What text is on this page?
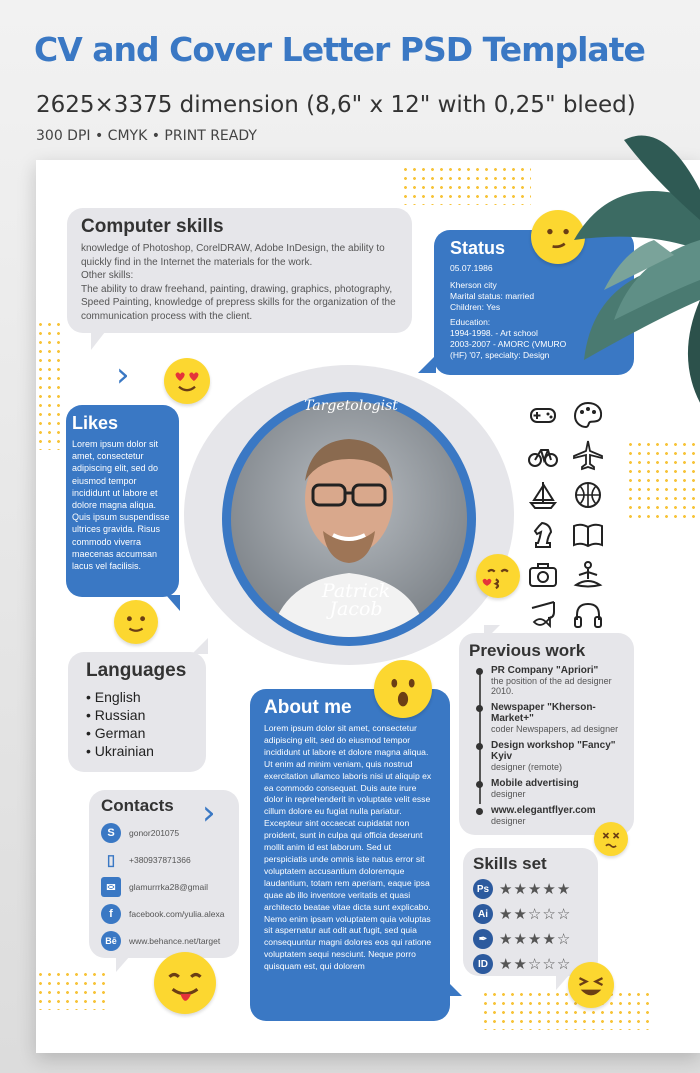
CV and Cover Letter PSD Template
2625×3375 dimension (8,6" x 12" with 0,25" bleed)
300 DPI • CMYK • PRINT READY
Computer skills
knowledge of Photoshop, CorelDRAW, Adobe InDesign, the ability to quickly find in the Internet the materials for the work.
Other skills:
The ability to draw freehand, painting, drawing, graphics, photography, Speed Painting, knowledge of prepress skills for the organization of the communication process with the client.
›
Status
05.07.1986
Kherson city
Marital status: married
Children: Yes
Education:
1994-1998. - Art school
2003-2007 - AMORC (VMURO
(HF) '07, specialty: Design
Likes
Lorem ipsum dolor sit amet, consectetur adipiscing elit, sed do eiusmod tempor incididunt ut labore et dolore magna aliqua. Quis ipsum suspendisse ultrices gravida. Risus commodo viverra maecenas accumsan lacus vel facilisis.
Targetologist
Patrick
Jacob
Languages
• English
• Russian
• German
• Ukrainian
About me
Lorem ipsum dolor sit amet, consectetur adipiscing elit, sed do eiusmod tempor incididunt ut labore et dolore magna aliqua. Ut enim ad minim veniam, quis nostrud exercitation ullamco laboris nisi ut aliquip ex ea commodo consequat. Duis aute irure dolor in reprehenderit in voluptate velit esse cillum dolore eu fugiat nulla pariatur. Excepteur sint occaecat cupidatat non proident, sunt in culpa qui officia deserunt mollit anim id est laborum. Sed ut perspiciatis unde omnis iste natus error sit voluptatem accusantium doloremque laudantium, totam rem aperiam, eaque ipsa quae ab illo inventore veritatis et quasi architecto beatae vitae dicta sunt explicabo. Nemo enim ipsam voluptatem quia voluptas sit aspernatur aut odit aut fugit, sed quia consequuntur magni dolores eos qui ratione voluptatem sequi nesciunt. Neque porro quisquam est, qui dolorem
Previous work
PR Company "Apriori"
the position of the ad designer 2010.
Newspaper "Kherson-Market+"
coder Newspapers, ad designer
Design workshop "Fancy" Kyiv
designer (remote)
Mobile advertising
designer
www.elegantflyer.com
designer
Contacts
S	gonor201075
▯	+380937871366
✉	glamurrrka28@gmail
f	facebook.com/yulia.alexa
Bē	www.behance.net/target
›
Skills set
Ps ★ ★ ★ ★ ★
Ai ★ ★ ☆ ☆ ☆
✒ ★ ★ ★ ★ ☆
ID ★ ★ ☆ ☆ ☆
